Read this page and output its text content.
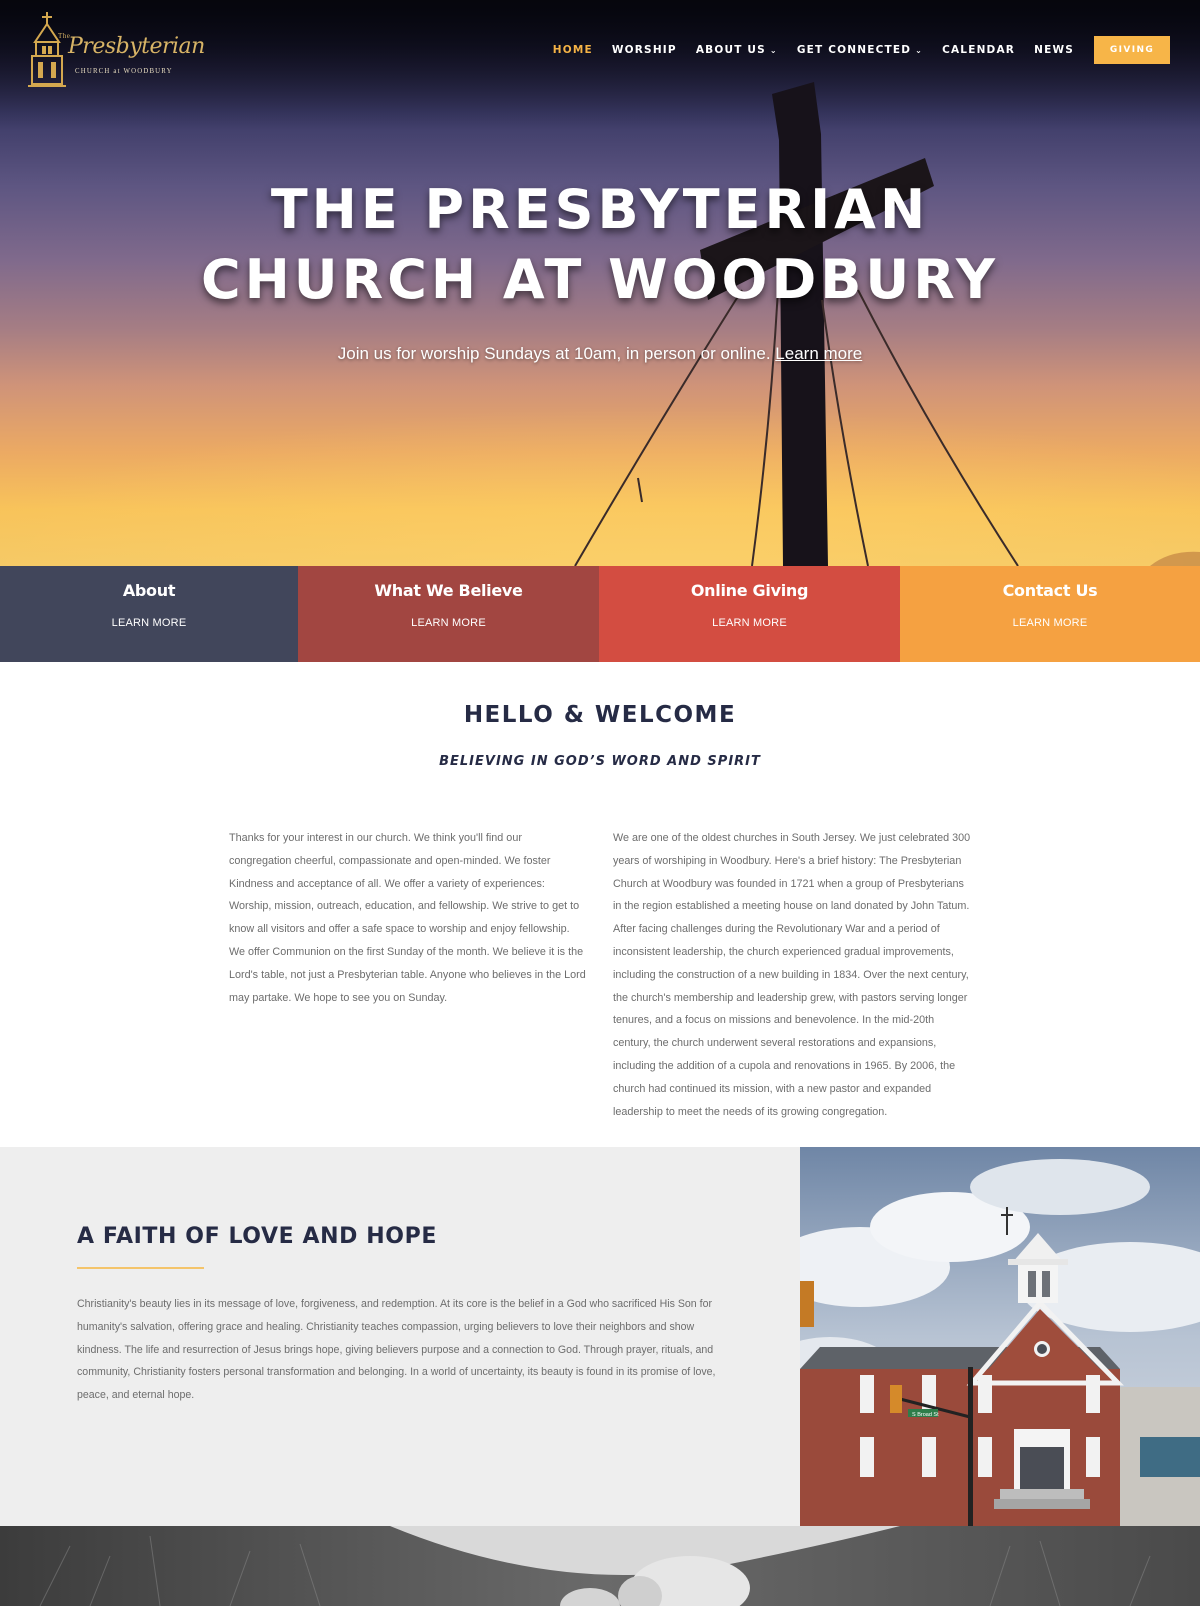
The
Presbyterian
CHURCH at WOODBURY
HOME WORSHIP ABOUT US ⌄ GET CONNECTED ⌄ CALENDAR NEWS	GIVING
THE PRESBYTERIAN
CHURCH AT WOODBURY

Join us for worship Sundays at 10am, in person or online. Learn more

About
LEARN MORE
What We Believe
LEARN MORE
Online Giving
LEARN MORE
Contact Us
LEARN MORE
HELLO & WELCOME
BELIEVING IN GOD’S WORD AND SPIRIT

Thanks for your interest in our church. We think you'll find our congregation cheerful, compassionate and open-minded. We foster Kindness and acceptance of all. We offer a variety of experiences: Worship, mission, outreach, education, and fellowship. We strive to get to know all visitors and offer a safe space to worship and enjoy fellowship. We offer Communion on the first Sunday of the month. We believe it is the Lord's table, not just a Presbyterian table. Anyone who believes in the Lord may partake. We hope to see you on Sunday.

We are one of the oldest churches in South Jersey. We just celebrated 300 years of worshiping in Woodbury. Here's a brief history: The Presbyterian Church at Woodbury was founded in 1721 when a group of Presbyterians in the region established a meeting house on land donated by John Tatum. After facing challenges during the Revolutionary War and a period of inconsistent leadership, the church experienced gradual improvements, including the construction of a new building in 1834. Over the next century, the church's membership and leadership grew, with pastors serving longer tenures, and a focus on missions and benevolence. In the mid-20th century, the church underwent several restorations and expansions, including the addition of a cupola and renovations in 1965. By 2006, the church had continued its mission, with a new pastor and expanded leadership to meet the needs of its growing congregation.

A FAITH OF LOVE AND HOPE

Christianity's beauty lies in its message of love, forgiveness, and redemption. At its core is the belief in a God who sacrificed His Son for humanity's salvation, offering grace and healing. Christianity teaches compassion, urging believers to love their neighbors and show kindness. The life and resurrection of Jesus brings hope, giving believers purpose and a connection to God. Through prayer, rituals, and community, Christianity fosters personal transformation and belonging. In a world of uncertainty, its beauty is found in its promise of love, peace, and eternal hope.

S Broad St
